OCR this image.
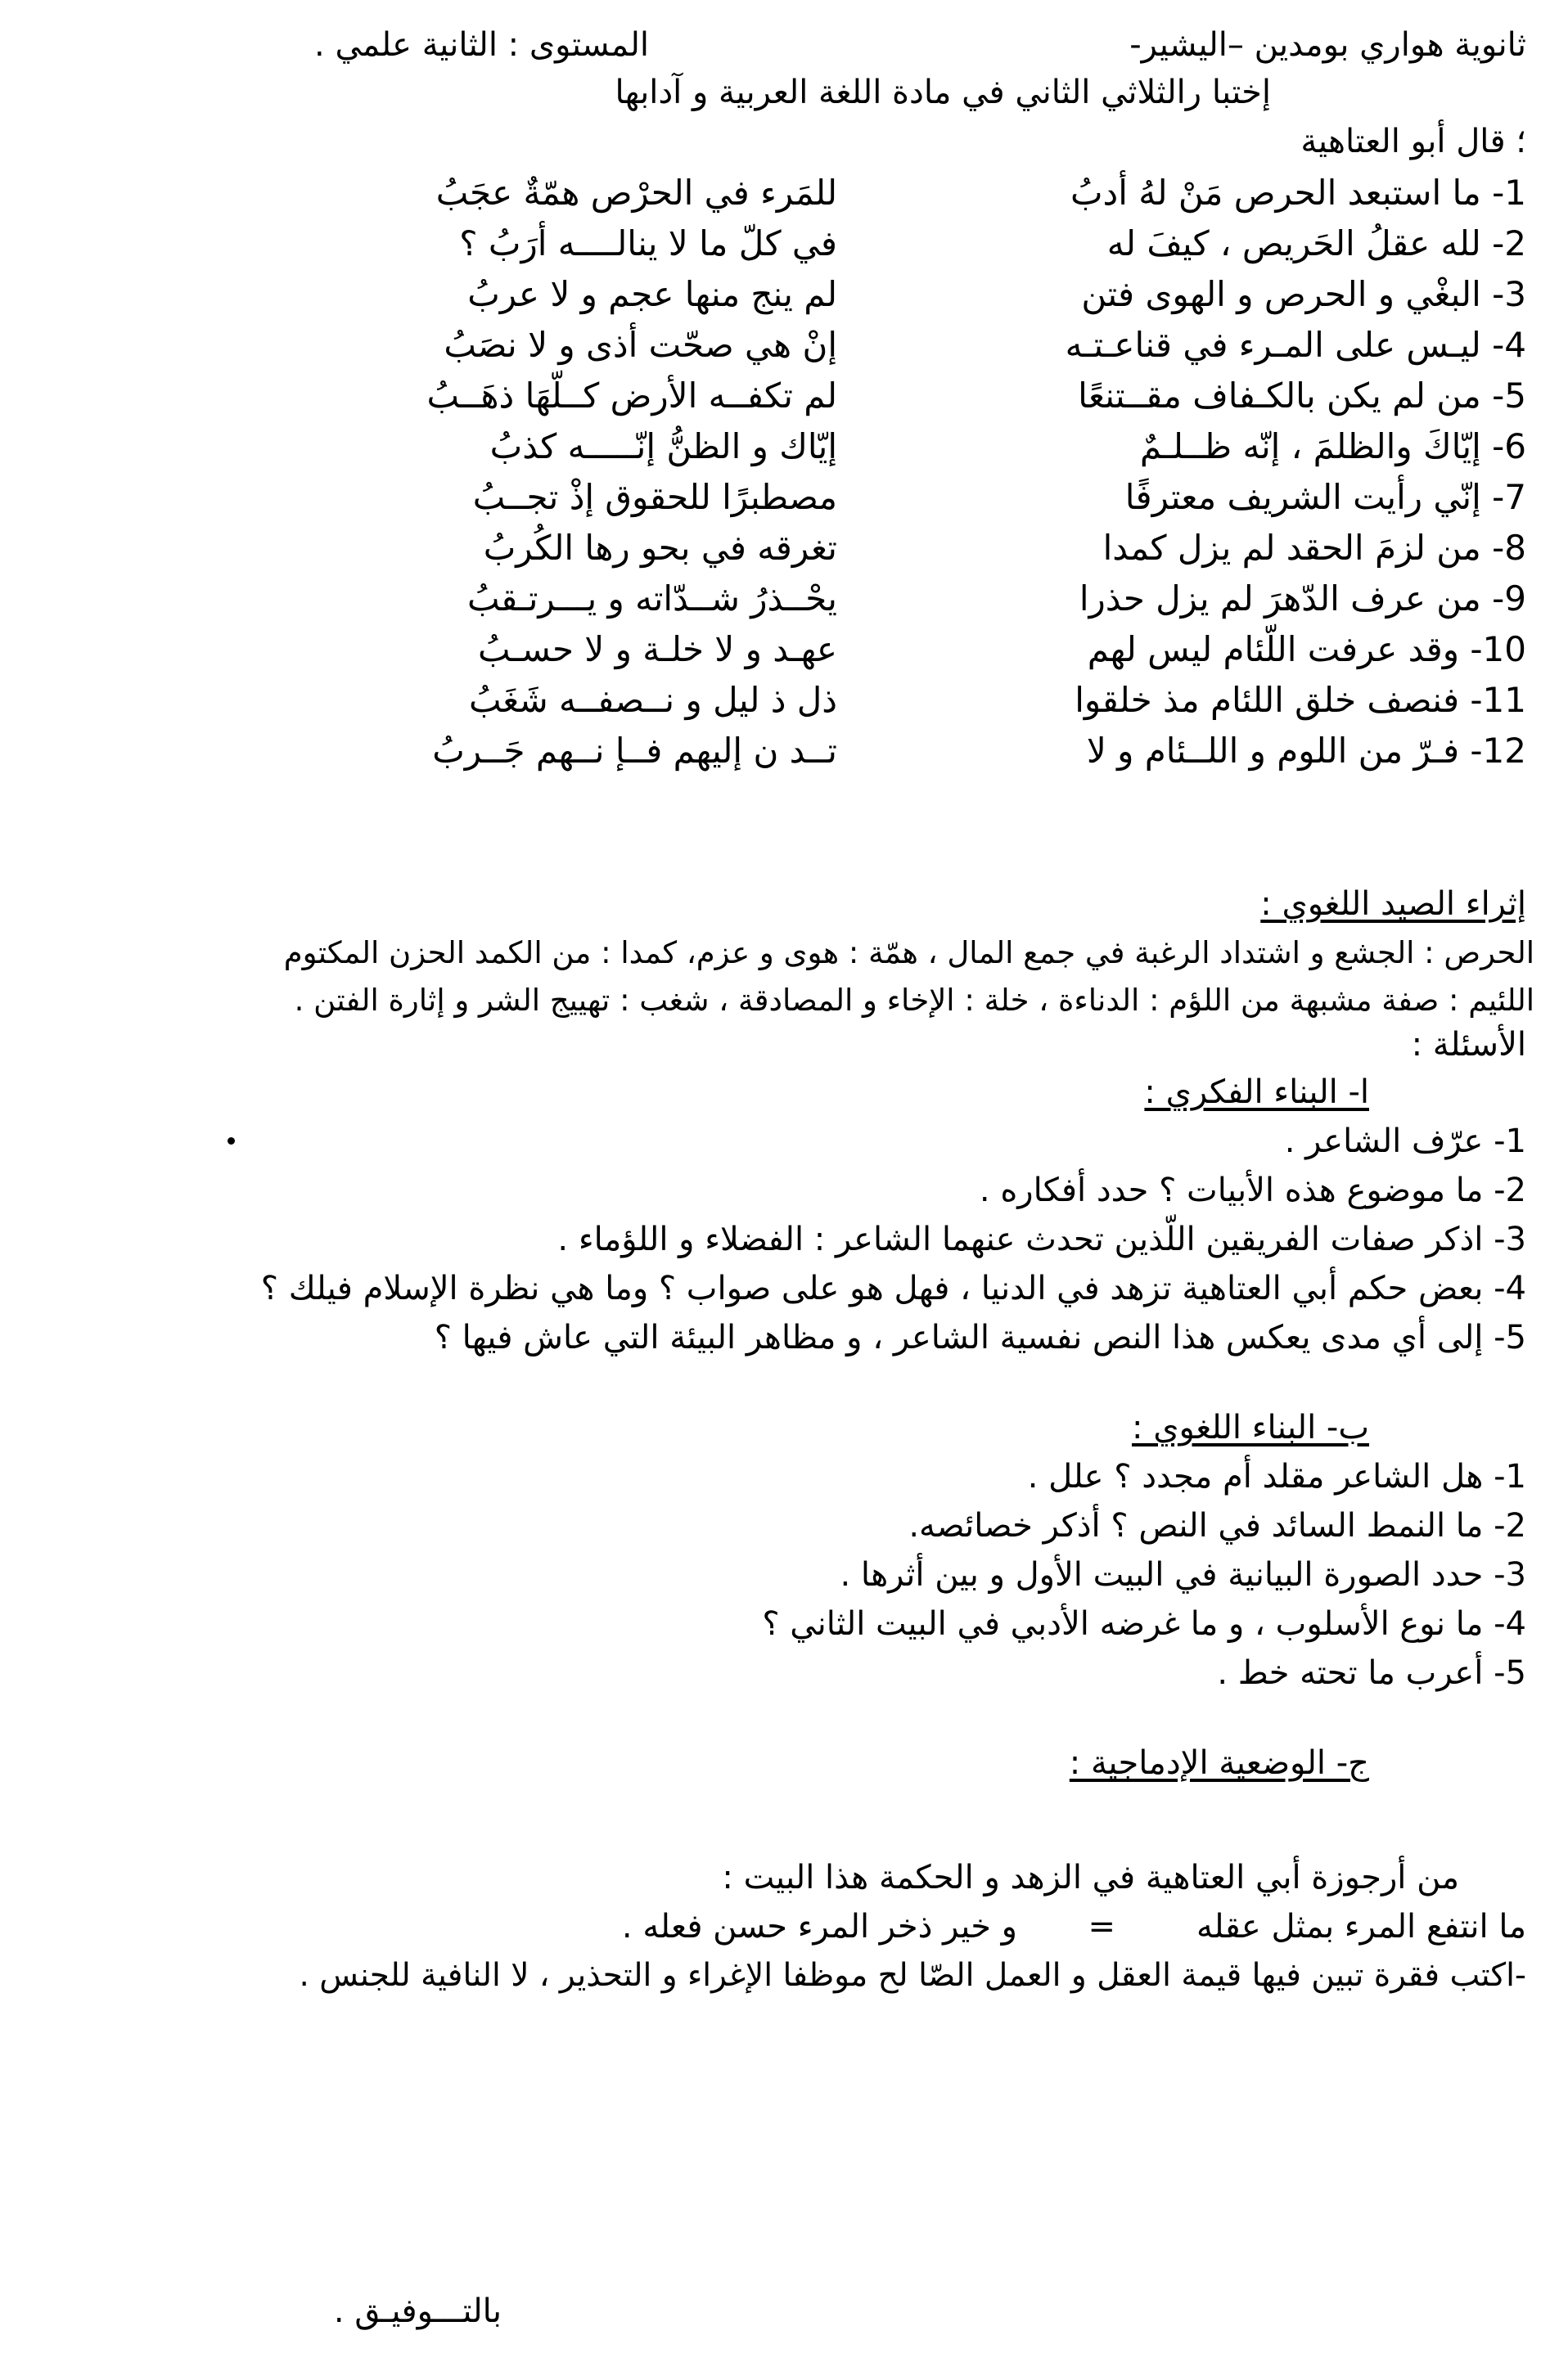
ثانوية هواري بومدين –اليشير-
المستوى : الثانية علمي .
إختبا رالثلاثي الثاني في مادة اللغة العربية و آدابها
؛ قال أبو العتاهية
1- ما استبعد الحرص مَنْ لهُ أدبُ
للمَرء في الحرْص همّةٌ عجَبُ
2- لله عقلُ الحَريص ، كيفَ له
في كلّ ما لا ينالــــه أرَبُ ؟
3- البغْي و الحرص و الهوى فتن
لم ينج منها عجم و لا عربُ
4- ليـس على المـرء في قناعـتـه
إنْ هي صحّت أذى و لا نصَبُ
5- من لم يكن بالكـفاف مقــتنعًا
لم تكفــه الأرض كــلّهَا ذهَــبُ
6- إيّاكَ والظلمَ ، إنّه ظــلـمٌ
إيّاك و الظنُّ إنّـــــه كذبُ
7- إنّي رأيت الشريف معترفًا
مصطبرًا للحقوق إذْ تجــبُ
8- من لزمَ الحقد لم يزل كمدا
تغرقه في بحو رها الكُربُ
9- من عرف الدّهرَ لم يزل حذرا
يحْــذرُ شــدّاته و يـــرتـقبُ
10- وقد عرفت اللّئام ليس لهم
عهـد و لا خلـة و لا حسـبُ
11- فنصف خلق اللئام مذ خلقوا
ذل ذ ليل و نــصفــه شَغَبُ
12- فـرّ من اللوم و اللــئام و لا
تــد ن إليهم فــإ نــهم جَــربُ
إثراء الصيد اللغوي :
الحرص : الجشع و اشتداد الرغبة في جمع المال ، همّة : هوى و عزم، كمدا : من الكمد الحزن المكتوم
اللئيم : صفة مشبهة من اللؤم : الدناءة ، خلة : الإخاء و المصادقة ، شغب : تهييج الشر و إثارة الفتن .
الأسئلة :
ا- البناء الفكري :
1- عرّف الشاعر .
2- ما موضوع هذه الأبيات ؟ حدد أفكاره .
3- اذكر صفات الفريقين اللّذين تحدث عنهما الشاعر : الفضلاء و اللؤماء .
4- بعض حكم أبي العتاهية تزهد في الدنيا ، فهل هو على صواب ؟ وما هي نظرة الإسلام فيلك ؟
5- إلى أي مدى يعكس هذا النص نفسية الشاعر ، و مظاهر البيئة التي عاش فيها ؟
ب- البناء اللغوي :
1- هل الشاعر مقلد أم مجدد ؟ علل .
2- ما النمط السائد في النص ؟ أذكر خصائصه.
3- حدد الصورة البيانية في البيت الأول و بين أثرها .
4- ما نوع الأسلوب ، و ما غرضه الأدبي في البيت الثاني ؟
5- أعرب ما تحته خط .
ج- الوضعية الإدماجية :
من أرجوزة أبي العتاهية في الزهد و الحكمة هذا البيت :
ما انتفع المرء بمثل عقله
=
و خير ذخر المرء حسن فعله .
-اكتب فقرة تبين فيها قيمة العقل و العمل الصّا لح موظفا الإغراء و التحذير ، لا النافية للجنس .
بالتـــوفيـق .
